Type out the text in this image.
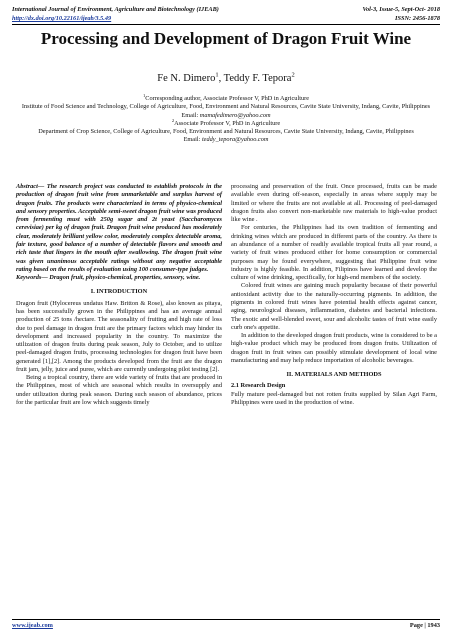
International Journal of Environment, Agriculture and Biotechnology (IJEAB)	Vol-3, Issue-5, Sept-Oct- 2018
http://dx.doi.org/10.22161/ijeab/3.5.49	ISSN: 2456-1878
Processing and Development of Dragon Fruit Wine
Fe N. Dimero$^1$, Teddy F. Tepora$^2$

$^1$Corresponding author, Associate Professor V, PhD in Agriculture

Institute of Food Science and Technology, College of Agriculture, Food, Environment and Natural Resources, Cavite State University, Indang, Cavite, Philippines

Email: mamafedimero@yahoo.com

$^2$Associate Professor V, PhD in Agriculture

Department of Crop Science, College of Agriculture, Food, Environment and Natural Resources, Cavite State University, Indang, Cavite, Philippines

Email: teddy_tepora@yahoo.com

Abstract— The research project was conducted to establish protocols in the production of dragon fruit wine from unmarketable and surplus harvest of dragon fruits. The products were characterized in terms of physico-chemical and sensory properties. Acceptable semi-sweet dragon fruit wine was produced from fermenting must with 250g sugar and 2t yeast (Saccharomyces cerevisiae) per kg of dragon fruit. Dragon fruit wine produced has moderately clear, moderately brilliant yellow color, moderately complex detectable aroma, fair texture, good balance of a number of detectable flavors and smooth and rich taste that lingers in the mouth after swallowing. The dragon fruit wine was given unanimous acceptable ratings without any negative acceptable rating based on the results of evaluation using 100 consumer-type judges.

Keywords— Dragon fruit, physico-chemical, properties, sensory, wine.

I. INTRODUCTION

Dragon fruit (Hylocereus undatus Haw. Britton & Rose), also known as pitaya, has been successfully grown in the Philippines and has an average annual production of 25 tons /hectare. The seasonality of fruiting and high rate of loss due to peel damage in dragon fruit are the primary factors which may hinder its development and increased popularity in the country. To maximize the utilization of dragon fruits during peak season, July to October, and to utilize peel-damaged dragon fruits, processing technologies for dragon fruit have been generated [1],[2]. Among the products developed from the fruit are the dragon fruit jam, jelly, juice and puree, which are currently undergoing pilot testing [2].

Being a tropical country, there are wide variety of fruits that are produced in the Philippines, most of which are seasonal which results in oversupply and under utilization during peak season. During such season of abundance, prices for the particular fruit are low which suggests timely

processing and preservation of the fruit. Once processed, fruits can be made available even during off-season, especially in areas where supply may be limited or where the fruits are not available at all. Processing of peel-damaged dragon fruits also convert non-marketable raw materials to high-value product like wine .

For centuries, the Philippines had its own tradition of fermenting and drinking wines which are produced in different parts of the country. As there is an abundance of a number of readily available tropical fruits all year round, a variety of fruit wines produced either for home consumption or commercial purposes may be found everywhere, suggesting that Philippine fruit wine industry is highly feasible. In addition, Filipinos have learned and develop the culture of wine drinking, specifically, for high-end members of the society.

Colored fruit wines are gaining much popularity because of their powerful antioxidant activity due to the naturally-occurring pigments. In addition, the pigments in colored fruit wines have potential health effects against cancer, aging, neurological diseases, inflammation, diabetes and bacterial infections. The exotic and well-blended sweet, sour and alcoholic tastes of fruit wine easily curb one's appetite.

In addition to the developed dragon fruit products, wine is considered to be a high-value product which may be produced from dragon fruits. Utilization of dragon fruit in fruit wines can possibly stimulate development of local wine manufacturing and may help reduce importation of alcoholic beverages.

II. MATERIALS AND METHODS

2.1 Research Design

Fully mature peel-damaged but not rotten fruits supplied by Silan Agri Farm, Philippines were used in the production of wine.

www.ijeab.com	Page | 1943
